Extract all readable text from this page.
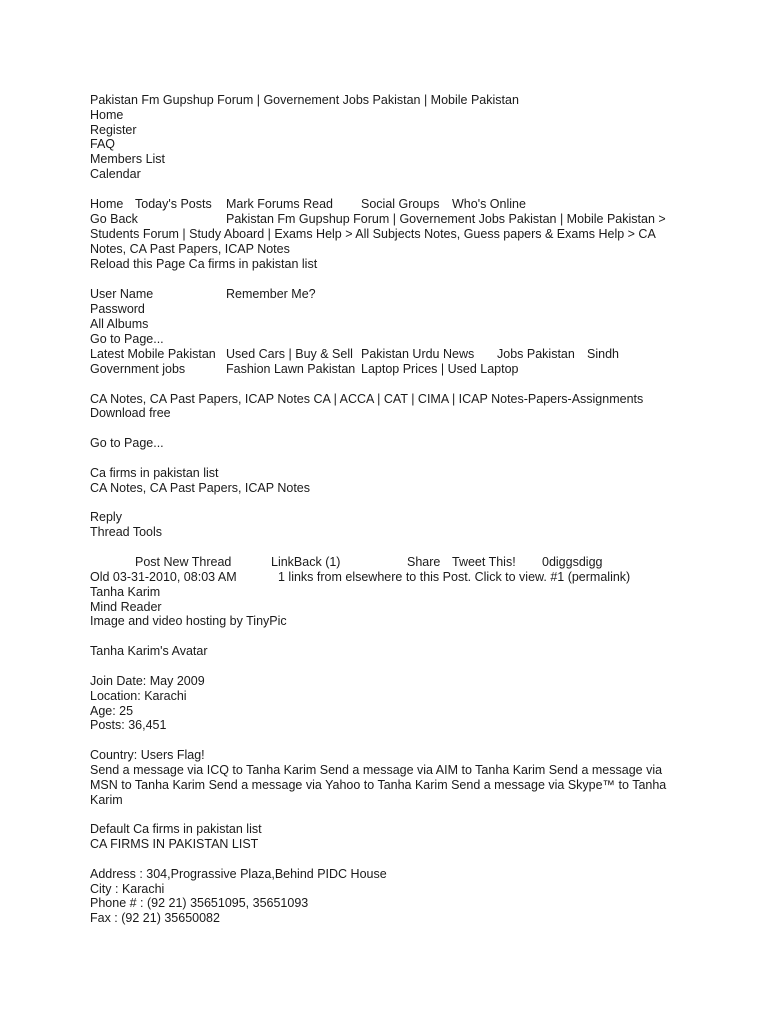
Pakistan Fm Gupshup Forum | Governement Jobs Pakistan | Mobile Pakistan
Home
Register
FAQ
Members List
Calendar
Home Today's Posts Mark Forums Read Social Groups Who's Online
Go Back	Pakistan Fm Gupshup Forum | Governement Jobs Pakistan | Mobile Pakistan >
Students Forum | Study Aboard | Exams Help > All Subjects Notes, Guess papers & Exams Help > CA
Notes, CA Past Papers, ICAP Notes
Reload this Page Ca firms in pakistan list
User Name	Remember Me?
Password
All Albums
Go to Page...
Latest Mobile Pakistan Used Cars | Buy & Sell Pakistan Urdu News Jobs Pakistan Sindh
Government jobs	Fashion Lawn Pakistan Laptop Prices | Used Laptop
CA Notes, CA Past Papers, ICAP Notes CA | ACCA | CAT | CIMA | ICAP Notes-Papers-Assignments
Download free
Go to Page...
Ca firms in pakistan list
CA Notes, CA Past Papers, ICAP Notes
Reply
Thread Tools
Post New Thread	LinkBack (1)	Share Tweet This! 0diggsdigg
Old 03-31-2010, 08:03 AM	1 links from elsewhere to this Post. Click to view. #1 (permalink)
Tanha Karim
Mind Reader
Image and video hosting by TinyPic
Tanha Karim's Avatar
Join Date: May 2009
Location: Karachi
Age: 25
Posts: 36,451
Country: Users Flag!
Send a message via ICQ to Tanha Karim Send a message via AIM to Tanha Karim Send a message via
MSN to Tanha Karim Send a message via Yahoo to Tanha Karim Send a message via Skype™ to Tanha
Karim
Default Ca firms in pakistan list
CA FIRMS IN PAKISTAN LIST
Address : 304,Prograssive Plaza,Behind PIDC House
City : Karachi
Phone # : (92 21) 35651095, 35651093
Fax : (92 21) 35650082
